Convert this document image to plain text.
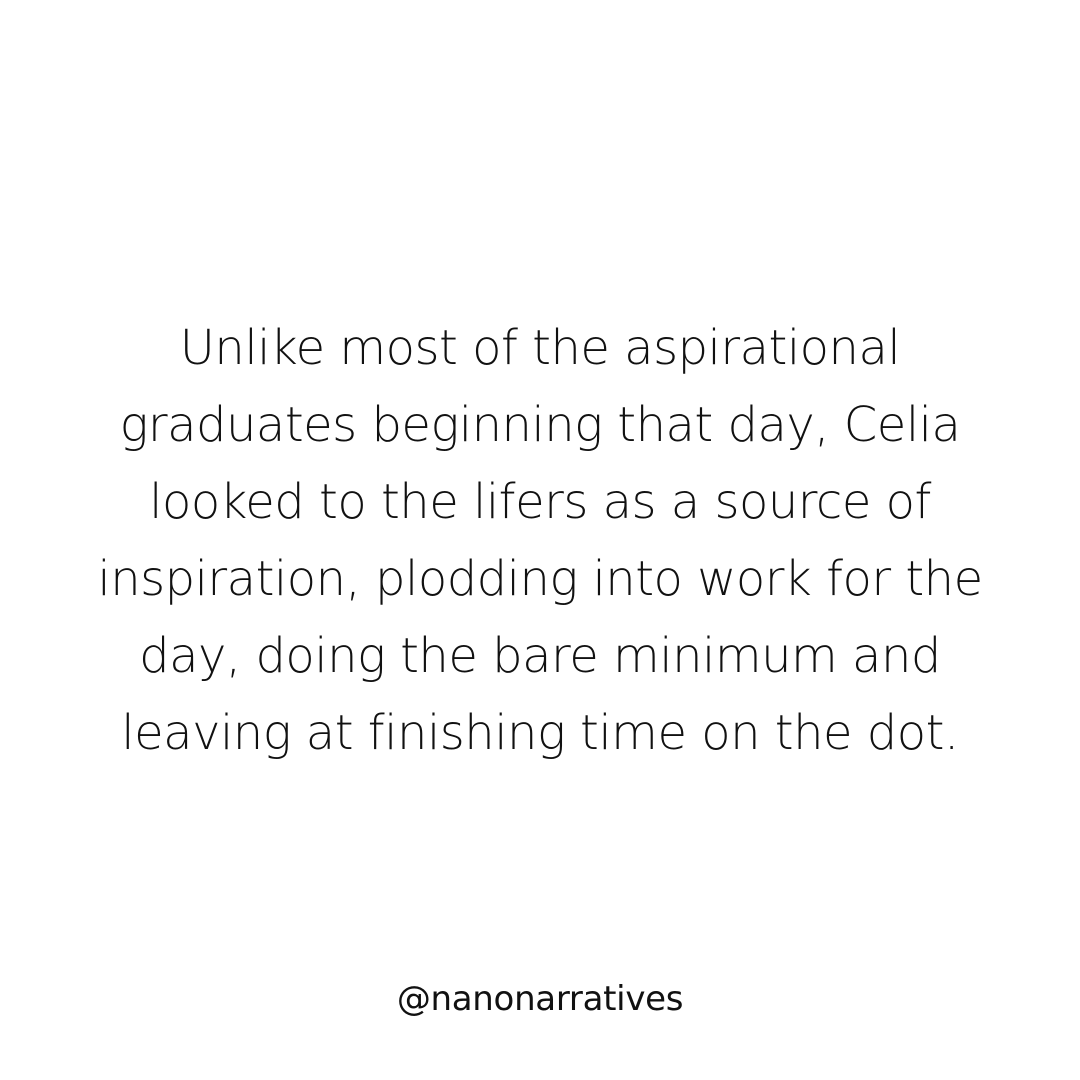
Unlike most of the aspirational
graduates beginning that day, Celia
looked to the lifers as a source of
inspiration, plodding into work for the
day, doing the bare minimum and
leaving at finishing time on the dot.

@nanonarratives
